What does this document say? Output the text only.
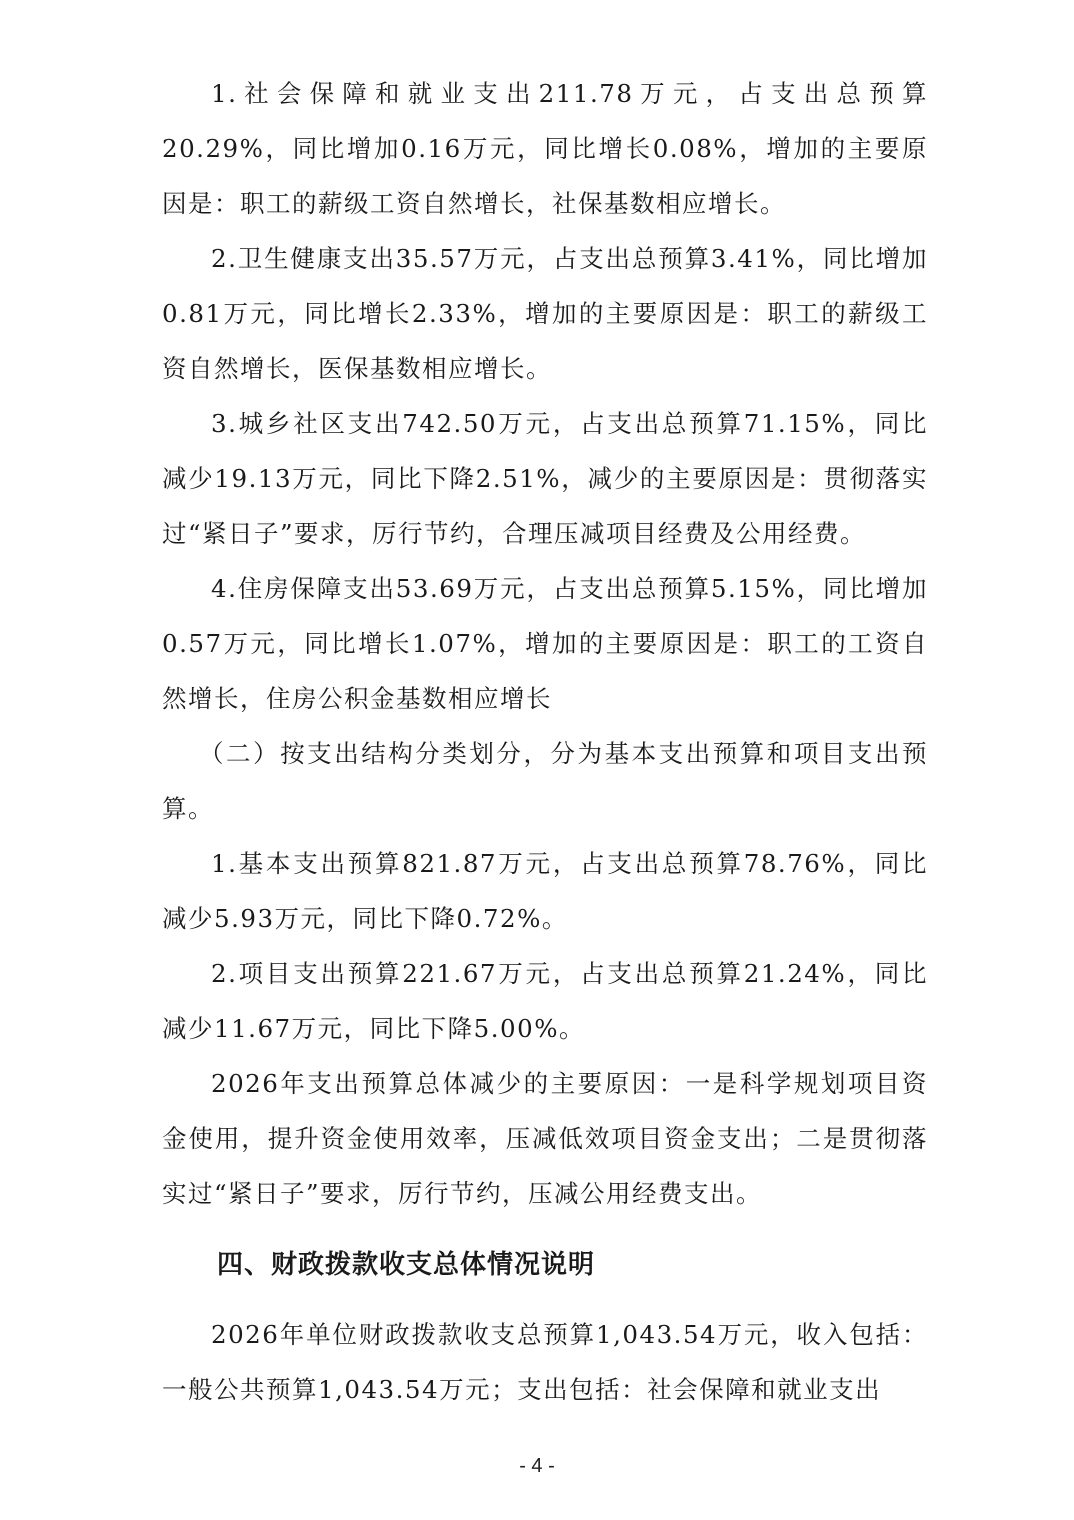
1.社会保障和就业支出211.78万元，占支出总预算20.29%，同比增加0.16万元，同比增长0.08%，增加的主要原因是：职工的薪级工资自然增长，社保基数相应增长。

2.卫生健康支出35.57万元，占支出总预算3.41%，同比增加0.81万元，同比增长2.33%，增加的主要原因是：职工的薪级工资自然增长，医保基数相应增长。

3.城乡社区支出742.50万元，占支出总预算71.15%，同比减少19.13万元，同比下降2.51%，减少的主要原因是：贯彻落实过“紧日子”要求，厉行节约，合理压减项目经费及公用经费。

4.住房保障支出53.69万元，占支出总预算5.15%，同比增加0.57万元，同比增长1.07%，增加的主要原因是：职工的工资自然增长，住房公积金基数相应增长

（二）按支出结构分类划分，分为基本支出预算和项目支出预算。

1.基本支出预算821.87万元，占支出总预算78.76%，同比减少5.93万元，同比下降0.72%。

2.项目支出预算221.67万元，占支出总预算21.24%，同比减少11.67万元，同比下降5.00%。

2026年支出预算总体减少的主要原因：一是科学规划项目资金使用，提升资金使用效率，压减低效项目资金支出；二是贯彻落实过“紧日子”要求，厉行节约，压减公用经费支出。

四、财政拨款收支总体情况说明

2026年单位财政拨款收支总预算1,043.54万元，收入包括：一般公共预算1,043.54万元；支出包括：社会保障和就业支出

- 4 -
